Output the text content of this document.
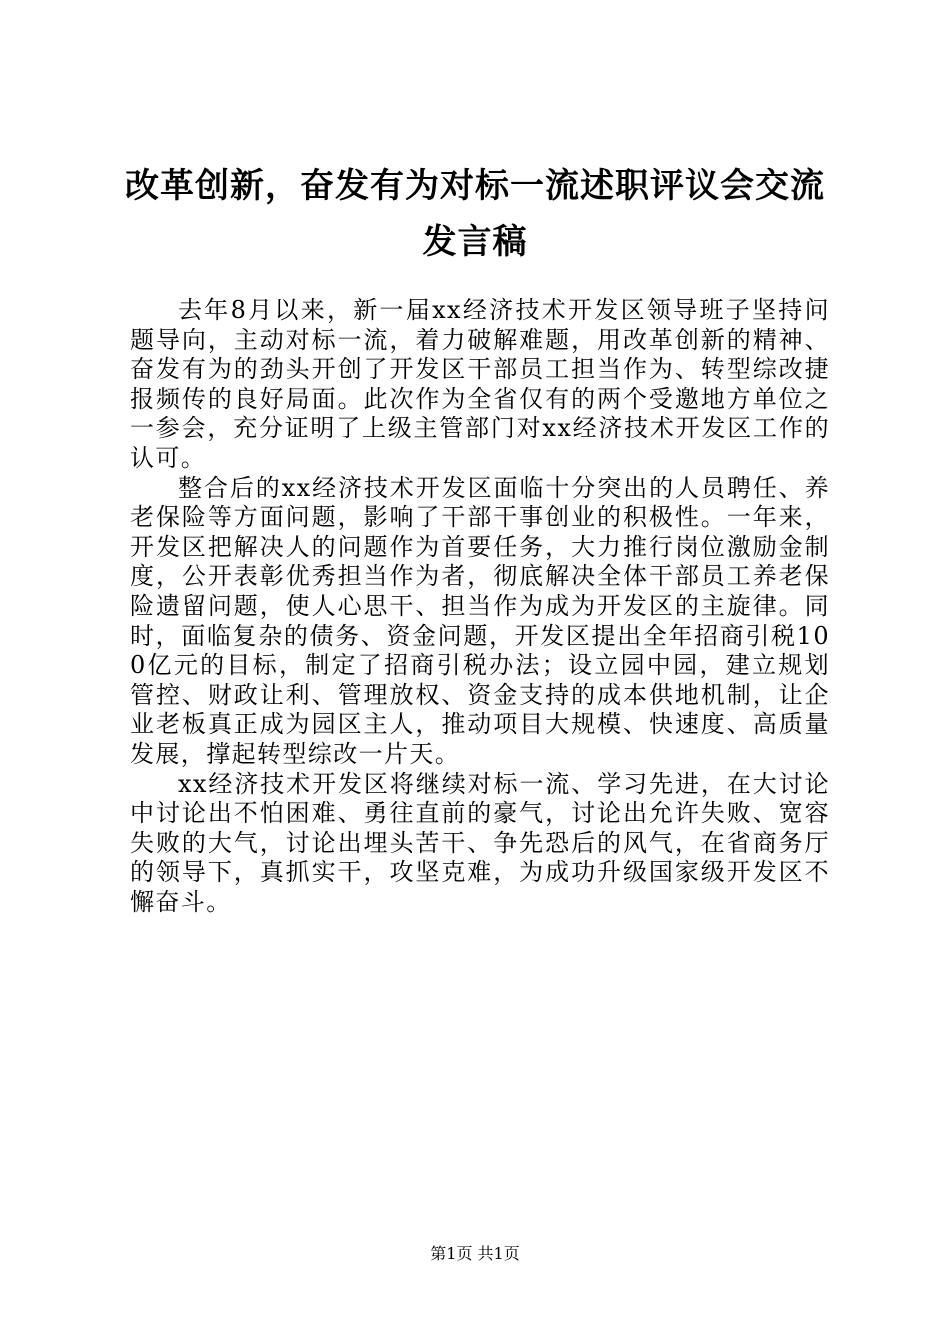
改革创新，奋发有为对标一流述职评议会交流发言稿

去年8月以来，新一届xx经济技术开发区领导班子坚持问题导向，主动对标一流，着力破解难题，用改革创新的精神、奋发有为的劲头开创了开发区干部员工担当作为、转型综改捷报频传的良好局面。此次作为全省仅有的两个受邀地方单位之一参会，充分证明了上级主管部门对xx经济技术开发区工作的认可。

整合后的xx经济技术开发区面临十分突出的人员聘任、养老保险等方面问题，影响了干部干事创业的积极性。一年来，开发区把解决人的问题作为首要任务，大力推行岗位激励金制度，公开表彰优秀担当作为者，彻底解决全体干部员工养老保险遗留问题，使人心思干、担当作为成为开发区的主旋律。同时，面临复杂的债务、资金问题，开发区提出全年招商引税100亿元的目标，制定了招商引税办法；设立园中园，建立规划管控、财政让利、管理放权、资金支持的成本供地机制，让企业老板真正成为园区主人，推动项目大规模、快速度、高质量发展，撑起转型综改一片天。

xx经济技术开发区将继续对标一流、学习先进，在大讨论中讨论出不怕困难、勇往直前的豪气，讨论出允许失败、宽容失败的大气，讨论出埋头苦干、争先恐后的风气，在省商务厅的领导下，真抓实干，攻坚克难，为成功升级国家级开发区不懈奋斗。

第1页 共1页
